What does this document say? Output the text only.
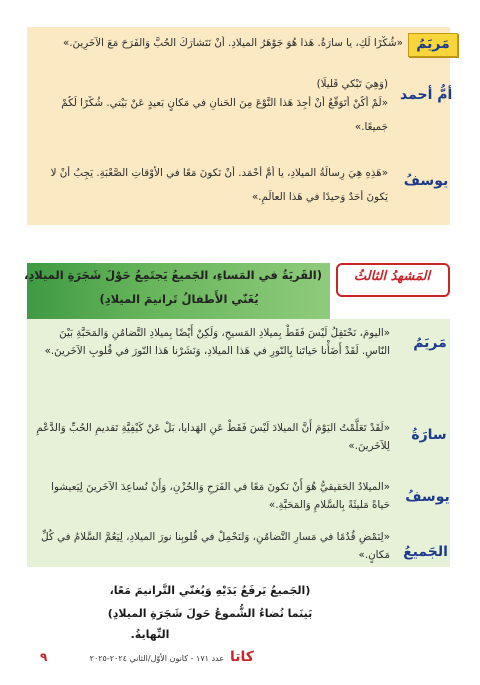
مَريَمُ
«شُكْرًا لَكِ، يا سارَةُ. هَذا هُوَ جَوْهَرُ الميلادِ. أَنْ نَتَشارَكَ الحُبَّ وَالفَرَحَ مَعَ الآخَرِينَ.»
أمُّ أحمد
(وَهِيَ تَبْكي قَليلًا)
«لَمْ أَكُنْ أَتَوَقَّعُ أَنْ أَجِدَ هَذا النَّوْعَ مِنَ الحَنانِ في مَكانٍ بَعيدٍ عَنْ بَيْتي. شُكْرًا لَكُمْ
جَميعًا.»
يوسفُ
«هَذِهِ هِيَ رِسالَةُ الميلادِ، يا أُمَّ أَحْمَد. أَنْ نَكونَ مَعًا في الأَوْقاتِ الصَّعْبَةِ. يَجِبُ أَنْ لا
يَكونَ أَحَدٌ وَحيدًا في هَذا العالَمِ.»
(القَريَةُ في المَساءِ، الجَميعُ يَجتَمِعُ حَوْلَ شَجَرَةِ الميلادِ،
يُغَنّي الأَطفالُ تَرانيمَ الميلادِ)
المَشهدُ الثالثُ
مَريَمُ
«اليومَ، نَحْتَفِلُ لَيْسَ فَقَطْ بِميلادِ المَسيحِ، وَلَكِنْ أَيْضًا بِميلادِ التَّضامُنِ وَالمَحَبَّةِ بَيْنَ النّاسِ. لَقَدْ أَضَأْنا حَياتَنا بِالنّورِ في هَذا الميلادِ، وَنَشَرْنا هَذا النّورَ في قُلوبِ الآخَرينَ.»
سارَةُ
«لَقَدْ تَعَلَّمْتُ اليَوْمَ أَنَّ الميلادَ لَيْسَ فَقَطْ عَنِ الهَدايا، بَلْ عَنْ كَيْفِيَّةِ تَقديمِ الحُبِّ وَالدَّعْمِ لِلآخَرينَ.»
يوسفُ
«الميلادُ الحَقيقيُّ هُوَ أَنْ نَكونَ مَعًا في الفَرَحِ وَالحُزْنِ، وَأَنْ نُساعِدَ الآخَرينَ لِيَعيشوا حَياةً مَليئَةً بِالسَّلامِ وَالمَحَبَّةِ.»
الجَميعُ
«لِنَمْضِ قُدُمًا في مَسارِ التَّضامُنِ، وَلنَحْمِلْ في قُلوبِنا نورَ الميلادِ، لِيَعُمَّ السَّلامُ في كُلِّ مَكانٍ.»
(الجَميعُ يَرفَعُ يَدَيْهِ وَيُغنّي التَّرانيمَ مَعًا،
بَينَما تُضاءُ الشُّموعُ حَولَ شَجَرَةِ الميلادِ)
النِّهايةُ.
٩	عدد ١٧١ - كانون الأوّل/الثاني ٢٠٢٤-٢٠٢٥ كاتا
